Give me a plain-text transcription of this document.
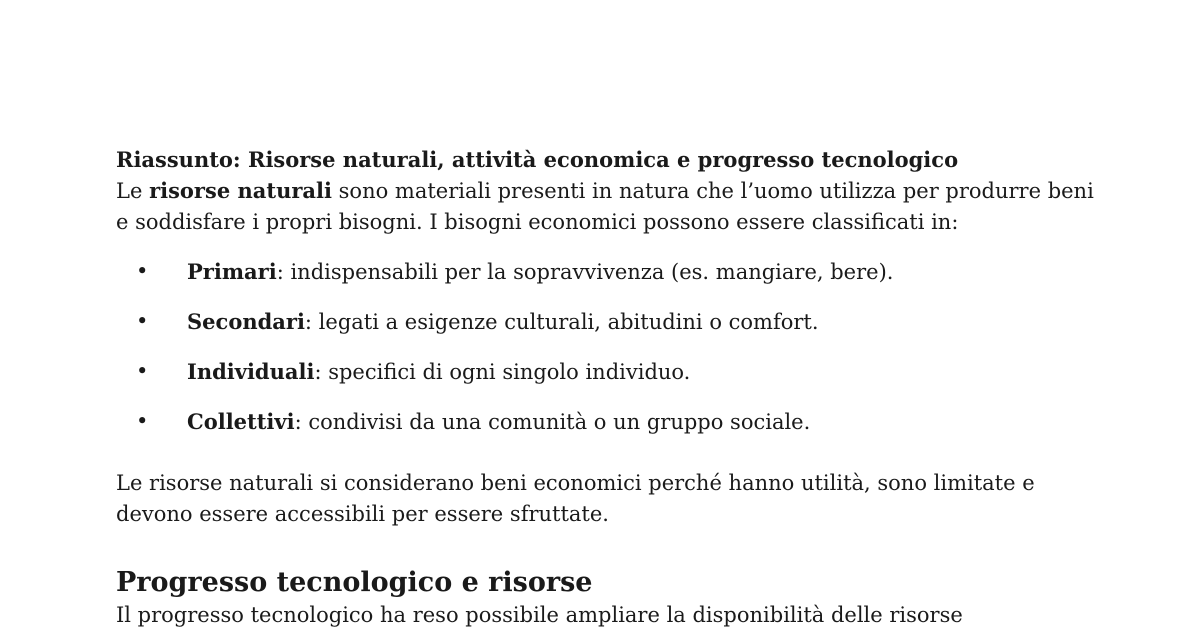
Riassunto: Risorse naturali, attività economica e progresso tecnologico

Le risorse naturali sono materiali presenti in natura che l’uomo utilizza per produrre beni e soddisfare i propri bisogni. I bisogni economici possono essere classificati in:

• Primari: indispensabili per la sopravvivenza (es. mangiare, bere).
• Secondari: legati a esigenze culturali, abitudini o comfort.
• Individuali: specifici di ogni singolo individuo.
• Collettivi: condivisi da una comunità o un gruppo sociale.

Le risorse naturali si considerano beni economici perché hanno utilità, sono limitate e devono essere accessibili per essere sfruttate.

Progresso tecnologico e risorse

Il progresso tecnologico ha reso possibile ampliare la disponibilità delle risorse
